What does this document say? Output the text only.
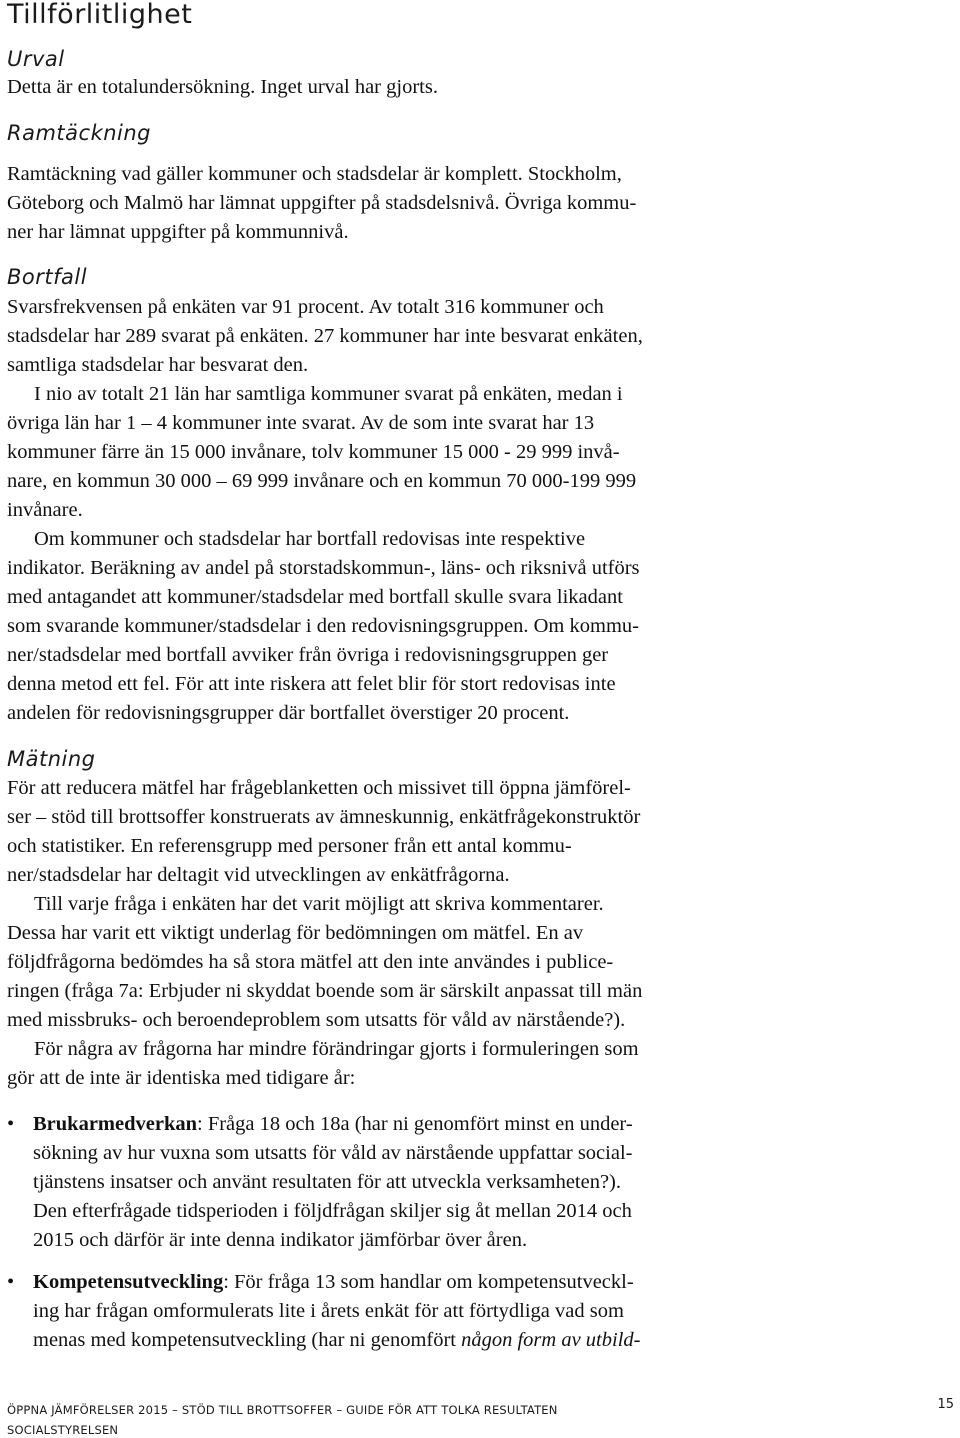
Tillförlitlighet
Urval

Detta är en totalundersökning. Inget urval har gjorts.

Ramtäckning

Ramtäckning vad gäller kommuner och stadsdelar är komplett. Stockholm,
Göteborg och Malmö har lämnat uppgifter på stadsdelsnivå. Övriga kommu-
ner har lämnat uppgifter på kommunnivå.

Bortfall
Svarsfrekvensen på enkäten var 91 procent. Av totalt 316 kommuner och
stadsdelar har 289 svarat på enkäten. 27 kommuner har inte besvarat enkäten,
samtliga stadsdelar har besvarat den.
I nio av totalt 21 län har samtliga kommuner svarat på enkäten, medan i
övriga län har 1 – 4 kommuner inte svarat. Av de som inte svarat har 13
kommuner färre än 15 000 invånare, tolv kommuner 15 000 - 29 999 invå-
nare, en kommun 30 000 – 69 999 invånare och en kommun 70 000-199 999
invånare.
Om kommuner och stadsdelar har bortfall redovisas inte respektive
indikator. Beräkning av andel på storstadskommun-, läns- och riksnivå utförs
med antagandet att kommuner/stadsdelar med bortfall skulle svara likadant
som svarande kommuner/stadsdelar i den redovisningsgruppen. Om kommu-
ner/stadsdelar med bortfall avviker från övriga i redovisningsgruppen ger
denna metod ett fel. För att inte riskera att felet blir för stort redovisas inte
andelen för redovisningsgrupper där bortfallet överstiger 20 procent.
Mätning
För att reducera mätfel har frågeblanketten och missivet till öppna jämförel-
ser – stöd till brottsoffer konstruerats av ämneskunnig, enkätfrågekonstruktör
och statistiker. En referensgrupp med personer från ett antal kommu-
ner/stadsdelar har deltagit vid utvecklingen av enkätfrågorna.
Till varje fråga i enkäten har det varit möjligt att skriva kommentarer.
Dessa har varit ett viktigt underlag för bedömningen om mätfel. En av
följdfrågorna bedömdes ha så stora mätfel att den inte användes i publice-
ringen (fråga 7a: Erbjuder ni skyddat boende som är särskilt anpassat till män
med missbruks- och beroendeproblem som utsatts för våld av närstående?).
För några av frågorna har mindre förändringar gjorts i formuleringen som
gör att de inte är identiska med tidigare år:
• Brukarmedverkan: Fråga 18 och 18a (har ni genomfört minst en under-
sökning av hur vuxna som utsatts för våld av närstående uppfattar social-
tjänstens insatser och använt resultaten för att utveckla verksamheten?).
Den efterfrågade tidsperioden i följdfrågan skiljer sig åt mellan 2014 och
2015 och därför är inte denna indikator jämförbar över åren.
• Kompetensutveckling: För fråga 13 som handlar om kompetensutveckl-
ing har frågan omformulerats lite i årets enkät för att förtydliga vad som
menas med kompetensutveckling (har ni genomfört någon form av utbild-
ÖPPNA JÄMFÖRELSER 2015 – STÖD TILL BROTTSOFFER – GUIDE FÖR ATT TOLKA RESULTATEN
SOCIALSTYRELSEN
15
